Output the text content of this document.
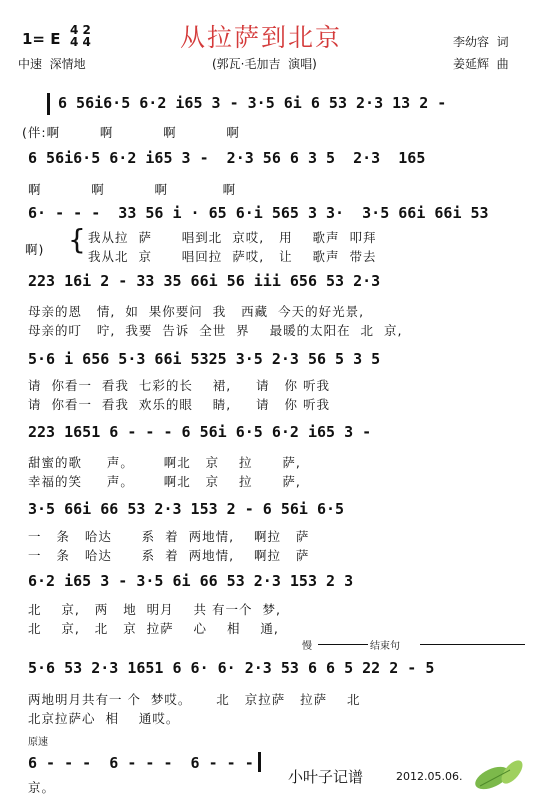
1= E 4 2
4 4	从拉萨到北京	李幼容  词
中速  深情地	(郭瓦·毛加吉  演唱)	姜延辉  曲
6 56i6·5 6·2 i65 3 - 3·5 6i 6 53 2·3 13 2 -
(伴:啊        啊          啊          啊
6 56i6·5 6·2 i65 3 -  2·3 56 6 3 5  2·3  165
啊          啊          啊           啊
6· - - -  33 56 i · 65 6·i 565 3 3·  3·5 66i 66i 53
啊) { 我从拉  萨      唱到北  京哎,   用    歌声  叩拜
我从北  京      唱回拉  萨哎,   让    歌声  带去
223 16i 2 - 33 35 66i 56 iii 656 53 2·3
母亲的恩   情,  如  果你要问  我   西藏  今天的好光景,
母亲的叮   咛,  我要  告诉  全世  界    最暖的太阳在  北  京,
5·6 i 656 5·3 66i 5325 3·5 2·3 56 5 3 5
请  你看一  看我  七彩的长    裙,     请   你 听我
请  你看一  看我  欢乐的眼    睛,     请   你 听我
223 1651 6 - - - 6 56i 6·5 6·2 i65 3 -
甜蜜的歌     声。      啊北   京    拉      萨,
幸福的笑     声。      啊北   京    拉      萨,
3·5 66i 66 53 2·3 153 2 - 6 56i 6·5
一   条   哈达      系  着  两地情,    啊拉   萨
一   条   哈达      系  着  两地情,    啊拉   萨
6·2 i65 3 - 3·5 6i 66 53 2·3 153 2 3
北    京,   两   地  明月    共 有一个  梦,
北    京,   北   京  拉萨    心    相    通,
慢	结束句
5·6 53 2·3 1651 6 6· 6· 2·3 53 6 6 5 22 2 - 5
两地明月共有一 个  梦哎。     北   京拉萨   拉萨    北
北京拉萨心  相    通哎。
原速
6 - - -  6 - - -  6 - - -
京。
小叶子记谱	2012.05.06.
